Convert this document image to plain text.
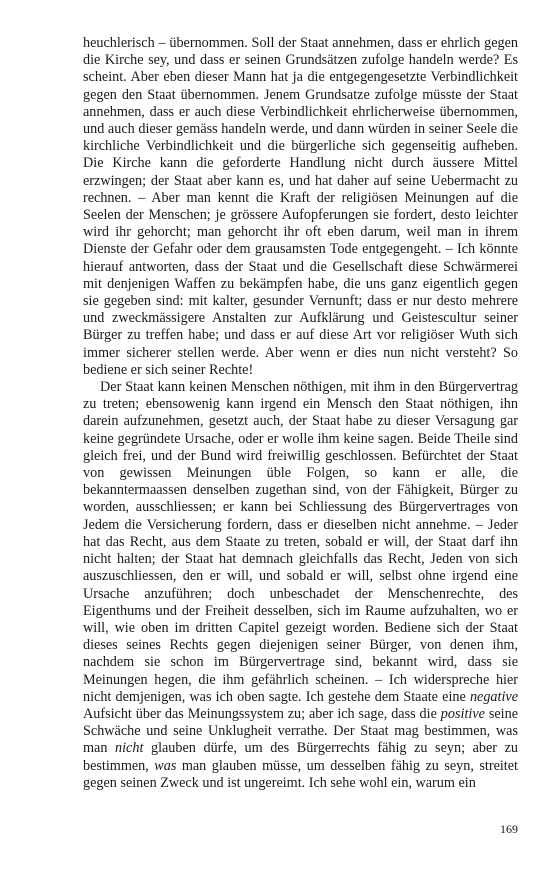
heuchlerisch – übernommen. Soll der Staat annehmen, dass er ehrlich gegen die Kirche sey, und dass er seinen Grundsätzen zufolge handeln werde? Es scheint. Aber eben dieser Mann hat ja die entgegengesetzte Verbindlichkeit gegen den Staat übernommen. Jenem Grundsatze zufolge müsste der Staat annehmen, dass er auch diese Verbindlichkeit ehrlicherweise übernommen, und auch dieser gemäss handeln werde, und dann würden in seiner Seele die kirchliche Verbindlichkeit und die bürgerliche sich gegenseitig aufheben. Die Kirche kann die geforderte Handlung nicht durch äussere Mittel erzwingen; der Staat aber kann es, und hat daher auf seine Uebermacht zu rechnen. – Aber man kennt die Kraft der religiösen Meinungen auf die Seelen der Menschen; je grössere Aufopferungen sie fordert, desto leichter wird ihr gehorcht; man gehorcht ihr oft eben darum, weil man in ihrem Dienste der Gefahr oder dem grausamsten Tode entgegengeht. – Ich könnte hierauf antworten, dass der Staat und die Gesellschaft diese Schwärmerei mit denjenigen Waffen zu bekämpfen habe, die uns ganz eigentlich gegen sie gegeben sind: mit kalter, gesunder Vernunft; dass er nur desto mehrere und zweckmässigere Anstalten zur Aufklärung und Geistescultur seiner Bürger zu treffen habe; und dass er auf diese Art vor religiöser Wuth sich immer sicherer stellen werde. Aber wenn er dies nun nicht versteht? So bediene er sich seiner Rechte!

Der Staat kann keinen Menschen nöthigen, mit ihm in den Bürgervertrag zu treten; ebensowenig kann irgend ein Mensch den Staat nöthigen, ihn darein aufzunehmen, gesetzt auch, der Staat habe zu dieser Versagung gar keine gegründete Ursache, oder er wolle ihm keine sagen. Beide Theile sind gleich frei, und der Bund wird freiwillig geschlossen. Befürchtet der Staat von gewissen Meinungen üble Folgen, so kann er alle, die bekanntermaassen denselben zugethan sind, von der Fähigkeit, Bürger zu worden, ausschliessen; er kann bei Schliessung des Bürgervertrages von Jedem die Versicherung fordern, dass er dieselben nicht annehme. – Jeder hat das Recht, aus dem Staate zu treten, sobald er will, der Staat darf ihn nicht halten; der Staat hat demnach gleichfalls das Recht, Jeden von sich auszuschliessen, den er will, und sobald er will, selbst ohne irgend eine Ursache anzuführen; doch unbeschadet der Menschenrechte, des Eigenthums und der Freiheit desselben, sich im Raume aufzuhalten, wo er will, wie oben im dritten Capitel gezeigt worden. Bediene sich der Staat dieses seines Rechts gegen diejenigen seiner Bürger, von denen ihm, nachdem sie schon im Bürgervertrage sind, bekannt wird, dass sie Meinungen hegen, die ihm gefährlich scheinen. – Ich widerspreche hier nicht demjenigen, was ich oben sagte. Ich gestehe dem Staate eine negative Aufsicht über das Meinungssystem zu; aber ich sage, dass die positive seine Schwäche und seine Unklugheit verrathe. Der Staat mag bestimmen, was man nicht glauben dürfe, um des Bürgerrechts fähig zu seyn; aber zu bestimmen, was man glauben müsse, um desselben fähig zu seyn, streitet gegen seinen Zweck und ist ungereimt. Ich sehe wohl ein, warum ein

169
